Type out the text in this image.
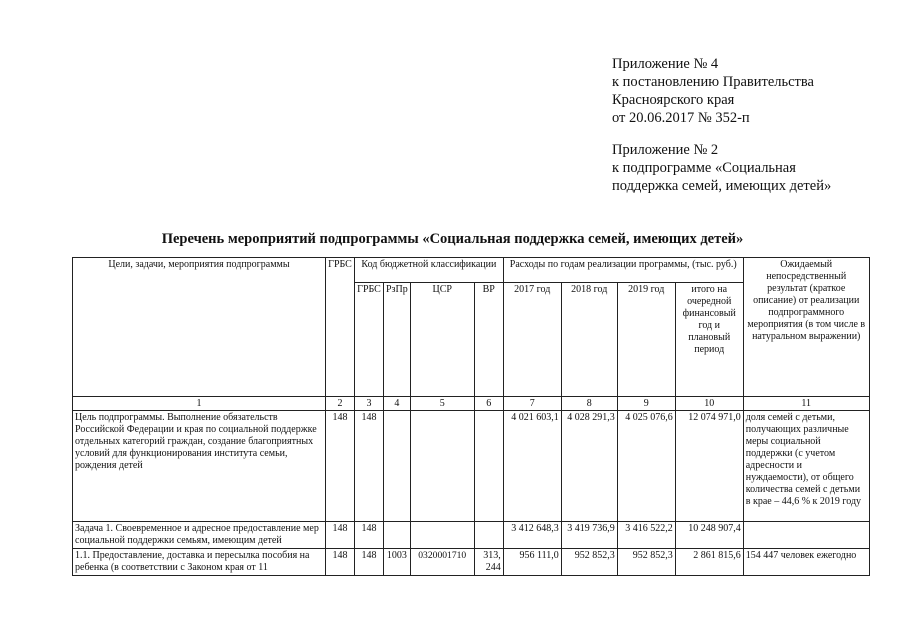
Приложение № 4
к постановлению Правительства
Красноярского края
от 20.06.2017 № 352-п
Приложение № 2
к подпрограмме «Социальная
поддержка семей, имеющих детей»
Перечень мероприятий подпрограммы «Социальная поддержка семей, имеющих детей»
Цели, задачи, мероприятия подпрограммы	ГРБС	Код бюджетной классификации				Расходы по годам реализации программы, (тыс. руб.)				Ожидаемый непосредственный результат (краткое описание) от реализации подпрограммного мероприятия (в том числе в натуральном выражении)
		ГРБС	РзПр	ЦСР	ВР	2017 год	2018 год	2019 год	итого на очередной финансовый год и плановый период	
1	2	3	4	5	6	7	8	9	10	11
Цель подпрограммы. Выполнение обязательств Российской Федерации и края по социальной поддержке отдельных категорий граждан, создание благоприятных условий для функционирования института семьи, рождения детей	148	148				4 021 603,1	4 028 291,3	4 025 076,6	12 074 971,0	доля семей с детьми, получающих различные меры социальной поддержки (с учетом адресности и нуждаемости), от общего количества семей с детьми в крае – 44,6 % к 2019 году
Задача 1. Своевременное и адресное предоставление мер социальной поддержки семьям, имеющим детей	148	148				3 412 648,3	3 419 736,9	3 416 522,2	10 248 907,4	
1.1. Предоставление, доставка и пересылка пособия на ребенка (в соответствии с Законом края от 11	148	148	1003	0320001710	313, 244	956 111,0	952 852,3	952 852,3	2 861 815,6	154 447 человек ежегодно
